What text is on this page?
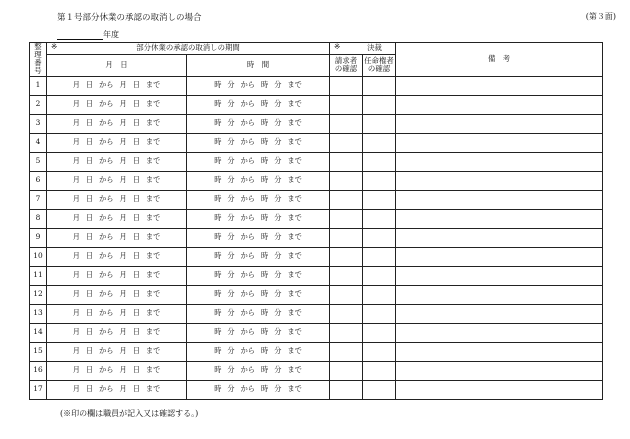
第１号部分休業の承認の取消しの場合	(第３面)
年度
整理番号	※ 部分休業の承認の取消しの期間		※ 決裁		備　考
	月　日	時　間	請求者の確認	任命権者の確認	

1	月 日 から 月 日 まで	時 分 から 時 分 まで			
2	月 日 から 月 日 まで	時 分 から 時 分 まで			
3	月 日 から 月 日 まで	時 分 から 時 分 まで			
4	月 日 から 月 日 まで	時 分 から 時 分 まで			
5	月 日 から 月 日 まで	時 分 から 時 分 まで			
6	月 日 から 月 日 まで	時 分 から 時 分 まで			
7	月 日 から 月 日 まで	時 分 から 時 分 まで			
8	月 日 から 月 日 まで	時 分 から 時 分 まで			
9	月 日 から 月 日 まで	時 分 から 時 分 まで			
10	月 日 から 月 日 まで	時 分 から 時 分 まで			
11	月 日 から 月 日 まで	時 分 から 時 分 まで			
12	月 日 から 月 日 まで	時 分 から 時 分 まで			
13	月 日 から 月 日 まで	時 分 から 時 分 まで			
14	月 日 から 月 日 まで	時 分 から 時 分 まで			
15	月 日 から 月 日 まで	時 分 から 時 分 まで			
16	月 日 から 月 日 まで	時 分 から 時 分 まで			
17	月 日 から 月 日 まで	時 分 から 時 分 まで			
(※印の欄は職員が記入又は確認する。)
